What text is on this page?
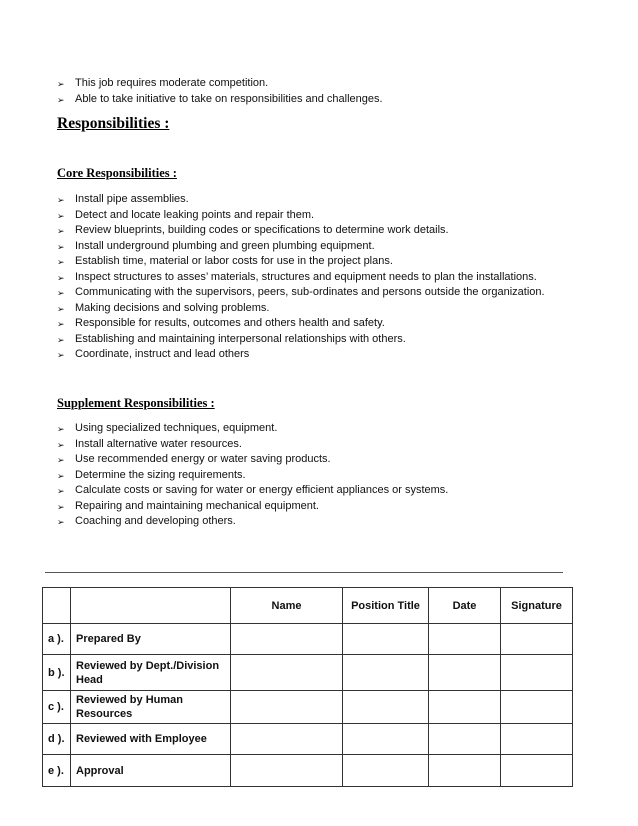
➢ This job requires moderate competition.
➢ Able to take initiative to take on responsibilities and challenges.
Responsibilities :
Core Responsibilities :
➢ Install pipe assemblies.
➢ Detect and locate leaking points and repair them.
➢ Review blueprints, building codes or specifications to determine work details.
➢ Install underground plumbing and green plumbing equipment.
➢ Establish time, material or labor costs for use in the project plans.
➢ Inspect structures to asses’ materials, structures and equipment needs to plan the installations.
➢ Communicating with the supervisors, peers, sub-ordinates and persons outside the organization.
➢ Making decisions and solving problems.
➢ Responsible for results, outcomes and others health and safety.
➢ Establishing and maintaining interpersonal relationships with others.
➢ Coordinate, instruct and lead others
Supplement Responsibilities :
➢ Using specialized techniques, equipment.
➢ Install alternative water resources.
➢ Use recommended energy or water saving products.
➢ Determine the sizing requirements.
➢ Calculate costs or saving for water or energy efficient appliances or systems.
➢ Repairing and maintaining mechanical equipment.
➢ Coaching and developing others.
		Name	Position Title	Date	Signature
a ).	Prepared By				
b ).	Reviewed by Dept./Division Head				
c ).	Reviewed by Human Resources				
d ).	Reviewed with Employee				
e ).	Approval				
